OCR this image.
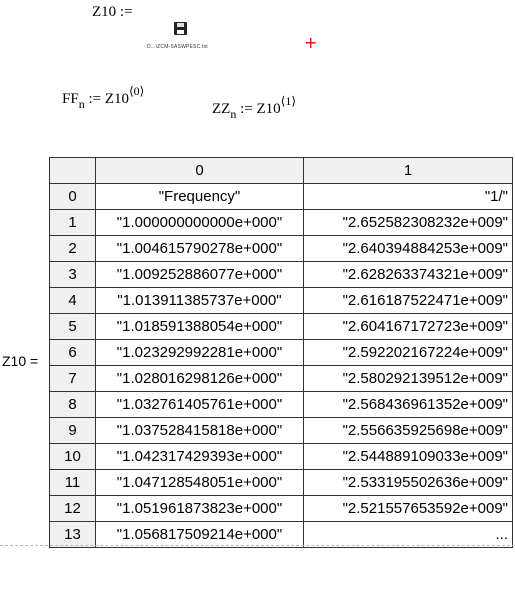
Z10 :=
D...\ZCM-SASWPESC.txt	+
$FF_n$ := $Z10^{⟨0⟩}$
$ZZ_n$ := $Z10^{⟨1⟩}$
Z10 =
	0	1
0	"Frequency"	"1/"
1	"1.000000000000e+000"	"2.652582308232e+009"
2	"1.004615790278e+000"	"2.640394884253e+009"
3	"1.009252886077e+000"	"2.628263374321e+009"
4	"1.013911385737e+000"	"2.616187522471e+009"
5	"1.018591388054e+000"	"2.604167172723e+009"
6	"1.023292992281e+000"	"2.592202167224e+009"
7	"1.028016298126e+000"	"2.580292139512e+009"
8	"1.032761405761e+000"	"2.568436961352e+009"
9	"1.037528415818e+000"	"2.556635925698e+009"
10	"1.042317429393e+000"	"2.544889109033e+009"
11	"1.047128548051e+000"	"2.533195502636e+009"
12	"1.051961873823e+000"	"2.521557653592e+009"
13	"1.056817509214e+000"	...
